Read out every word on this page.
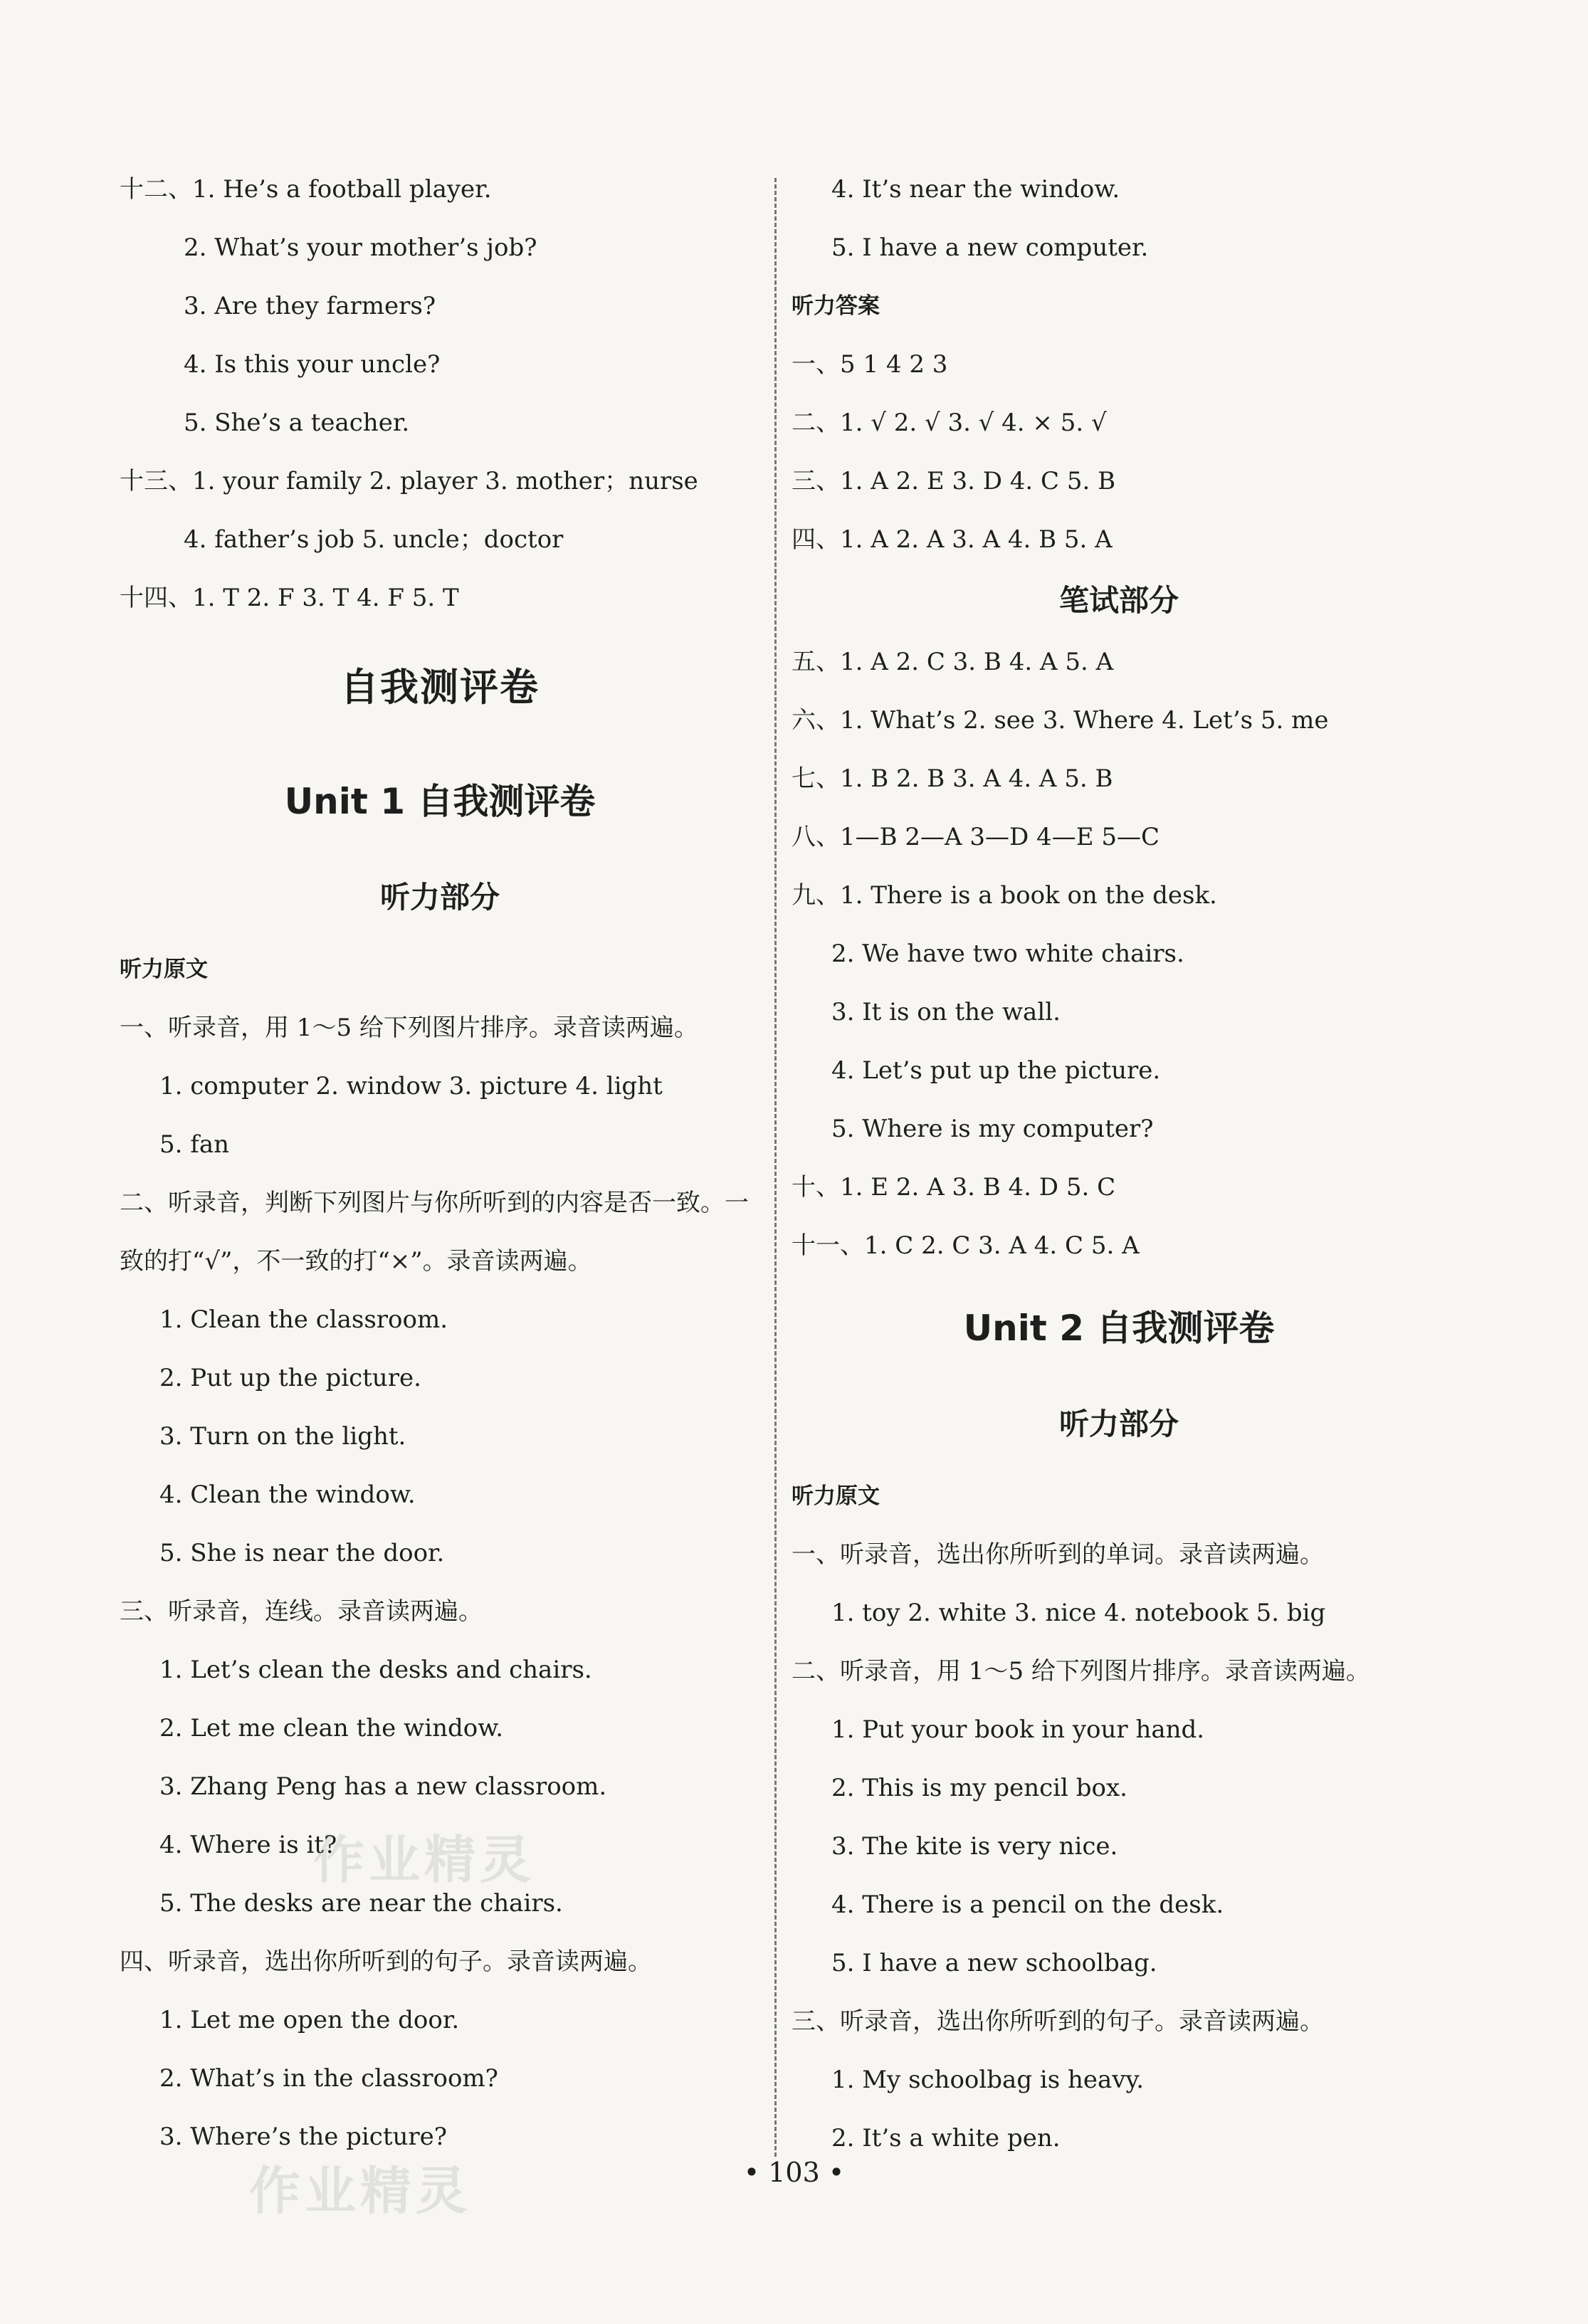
十二、1. He’s a football player.
2. What’s your mother’s job?
3. Are they farmers?
4. Is this your uncle?
5. She’s a teacher.
十三、1. your family 2. player 3. mother；nurse
4. father’s job 5. uncle；doctor
十四、1. T 2. F 3. T 4. F 5. T
自我测评卷
Unit 1 自我测评卷
听力部分
听力原文
一、听录音，用 1～5 给下列图片排序。录音读两遍。
1. computer 2. window 3. picture 4. light
5. fan
二、听录音，判断下列图片与你所听到的内容是否一致。一
致的打“√”，不一致的打“×”。录音读两遍。
1. Clean the classroom.
2. Put up the picture.
3. Turn on the light.
4. Clean the window.
5. She is near the door.
三、听录音，连线。录音读两遍。
1. Let’s clean the desks and chairs.
2. Let me clean the window.
3. Zhang Peng has a new classroom.
4. Where is it?
5. The desks are near the chairs.
四、听录音，选出你所听到的句子。录音读两遍。
1. Let me open the door.
2. What’s in the classroom?
3. Where’s the picture?
4. It’s near the window.
5. I have a new computer.
听力答案
一、5 1 4 2 3
二、1. √ 2. √ 3. √ 4. × 5. √
三、1. A 2. E 3. D 4. C 5. B
四、1. A 2. A 3. A 4. B 5. A
笔试部分
五、1. A 2. C 3. B 4. A 5. A
六、1. What’s 2. see 3. Where 4. Let’s 5. me
七、1. B 2. B 3. A 4. A 5. B
八、1—B 2—A 3—D 4—E 5—C
九、1. There is a book on the desk.
2. We have two white chairs.
3. It is on the wall.
4. Let’s put up the picture.
5. Where is my computer?
十、1. E 2. A 3. B 4. D 5. C
十一、1. C 2. C 3. A 4. C 5. A
Unit 2 自我测评卷
听力部分
听力原文
一、听录音，选出你所听到的单词。录音读两遍。
1. toy 2. white 3. nice 4. notebook 5. big
二、听录音，用 1～5 给下列图片排序。录音读两遍。
1. Put your book in your hand.
2. This is my pencil box.
3. The kite is very nice.
4. There is a pencil on the desk.
5. I have a new schoolbag.
三、听录音，选出你所听到的句子。录音读两遍。
1. My schoolbag is heavy.
2. It’s a white pen.
• 103 •
作业精灵
作业精灵
